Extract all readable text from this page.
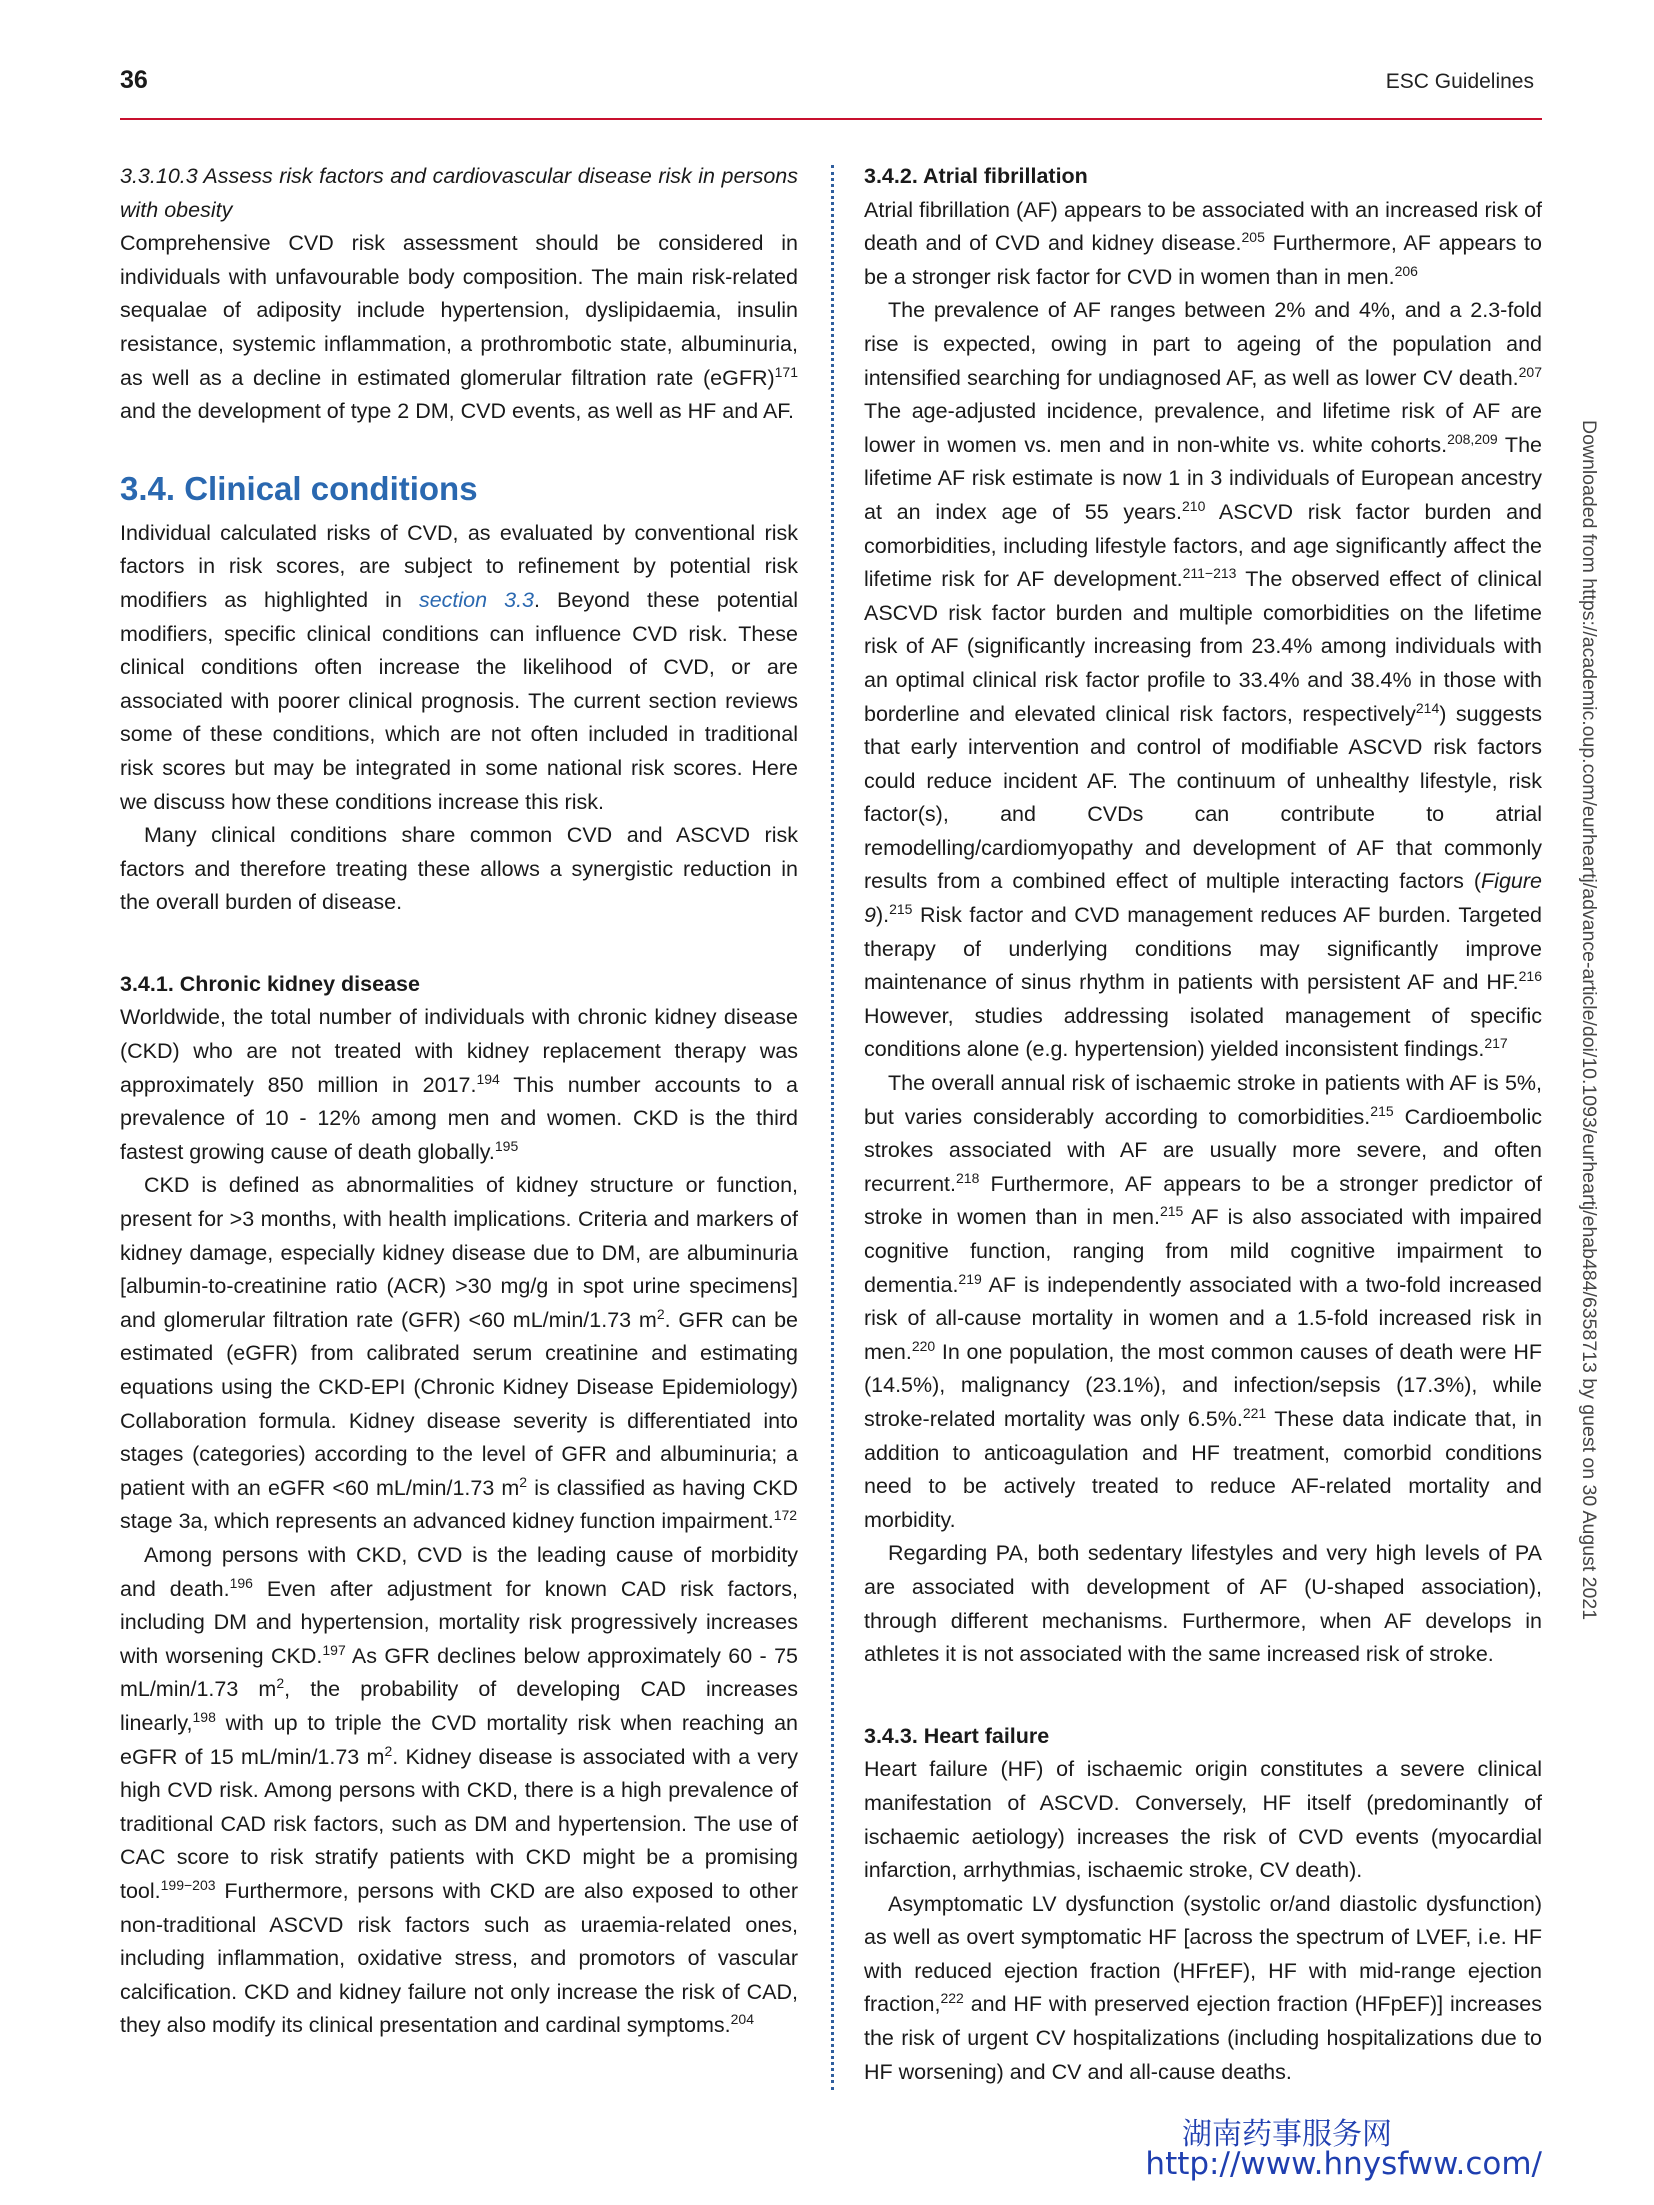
36	ESC Guidelines

3.3.10.3 Assess risk factors and cardiovascular disease risk in persons with obesity

Comprehensive CVD risk assessment should be considered in individuals with unfavourable body composition. The main risk-related sequalae of adiposity include hypertension, dyslipidaemia, insulin resistance, systemic inflammation, a prothrombotic state, albuminuria, as well as a decline in estimated glomerular filtration rate (eGFR)$^{171}$ and the development of type 2 DM, CVD events, as well as HF and AF.

3.4. Clinical conditions

Individual calculated risks of CVD, as evaluated by conventional risk factors in risk scores, are subject to refinement by potential risk modifiers as highlighted in section 3.3. Beyond these potential modifiers, specific clinical conditions can influence CVD risk. These clinical conditions often increase the likelihood of CVD, or are associated with poorer clinical prognosis. The current section reviews some of these conditions, which are not often included in traditional risk scores but may be integrated in some national risk scores. Here we discuss how these conditions increase this risk.

Many clinical conditions share common CVD and ASCVD risk factors and therefore treating these allows a synergistic reduction in the overall burden of disease.

3.4.1. Chronic kidney disease

Worldwide, the total number of individuals with chronic kidney disease (CKD) who are not treated with kidney replacement therapy was approximately 850 million in 2017.$^{194}$ This number accounts to a prevalence of 10 - 12% among men and women. CKD is the third fastest growing cause of death globally.$^{195}$

CKD is defined as abnormalities of kidney structure or function, present for >3 months, with health implications. Criteria and markers of kidney damage, especially kidney disease due to DM, are albuminuria [albumin-to-creatinine ratio (ACR) >30 mg/g in spot urine specimens] and glomerular filtration rate (GFR) <60 mL/min/1.73 $m^2$. GFR can be estimated (eGFR) from calibrated serum creatinine and estimating equations using the CKD-EPI (Chronic Kidney Disease Epidemiology) Collaboration formula. Kidney disease severity is differentiated into stages (categories) according to the level of GFR and albuminuria; a patient with an eGFR <60 mL/min/1.73 $m^2$ is classified as having CKD stage 3a, which represents an advanced kidney function impairment.$^{172}$

Among persons with CKD, CVD is the leading cause of morbidity and death.$^{196}$ Even after adjustment for known CAD risk factors, including DM and hypertension, mortality risk progressively increases with worsening CKD.$^{197}$ As GFR declines below approximately 60 - 75 mL/min/1.73 $m^2$, the probability of developing CAD increases linearly,$^{198}$ with up to triple the CVD mortality risk when reaching an eGFR of 15 mL/min/1.73 $m^2$. Kidney disease is associated with a very high CVD risk. Among persons with CKD, there is a high prevalence of traditional CAD risk factors, such as DM and hypertension. The use of CAC score to risk stratify patients with CKD might be a promising tool.$^{199-203}$ Furthermore, persons with CKD are also exposed to other non-traditional ASCVD risk factors such as uraemia-related ones, including inflammation, oxidative stress, and promotors of vascular calcification. CKD and kidney failure not only increase the risk of CAD, they also modify its clinical presentation and cardinal symptoms.$^{204}$

3.4.2. Atrial fibrillation

Atrial fibrillation (AF) appears to be associated with an increased risk of death and of CVD and kidney disease.$^{205}$ Furthermore, AF appears to be a stronger risk factor for CVD in women than in men.$^{206}$

The prevalence of AF ranges between 2% and 4%, and a 2.3-fold rise is expected, owing in part to ageing of the population and intensified searching for undiagnosed AF, as well as lower CV death.$^{207}$ The age-adjusted incidence, prevalence, and lifetime risk of AF are lower in women vs. men and in non-white vs. white cohorts.$^{208,209}$ The lifetime AF risk estimate is now 1 in 3 individuals of European ancestry at an index age of 55 years.$^{210}$ ASCVD risk factor burden and comorbidities, including lifestyle factors, and age significantly affect the lifetime risk for AF development.$^{211-213}$ The observed effect of clinical ASCVD risk factor burden and multiple comorbidities on the lifetime risk of AF (significantly increasing from 23.4% among individuals with an optimal clinical risk factor profile to 33.4% and 38.4% in those with borderline and elevated clinical risk factors, respectively$^{214}$) suggests that early intervention and control of modifiable ASCVD risk factors could reduce incident AF. The continuum of unhealthy lifestyle, risk factor(s), and CVDs can contribute to atrial remodelling/cardiomyopathy and development of AF that commonly results from a combined effect of multiple interacting factors (Figure 9).$^{215}$ Risk factor and CVD management reduces AF burden. Targeted therapy of underlying conditions may significantly improve maintenance of sinus rhythm in patients with persistent AF and HF.$^{216}$ However, studies addressing isolated management of specific conditions alone (e.g. hypertension) yielded inconsistent findings.$^{217}$

The overall annual risk of ischaemic stroke in patients with AF is 5%, but varies considerably according to comorbidities.$^{215}$ Cardioembolic strokes associated with AF are usually more severe, and often recurrent.$^{218}$ Furthermore, AF appears to be a stronger predictor of stroke in women than in men.$^{215}$ AF is also associated with impaired cognitive function, ranging from mild cognitive impairment to dementia.$^{219}$ AF is independently associated with a two-fold increased risk of all-cause mortality in women and a 1.5-fold increased risk in men.$^{220}$ In one population, the most common causes of death were HF (14.5%), malignancy (23.1%), and infection/sepsis (17.3%), while stroke-related mortality was only 6.5%.$^{221}$ These data indicate that, in addition to anticoagulation and HF treatment, comorbid conditions need to be actively treated to reduce AF-related mortality and morbidity.

Regarding PA, both sedentary lifestyles and very high levels of PA are associated with development of AF (U-shaped association), through different mechanisms. Furthermore, when AF develops in athletes it is not associated with the same increased risk of stroke.

3.4.3. Heart failure

Heart failure (HF) of ischaemic origin constitutes a severe clinical manifestation of ASCVD. Conversely, HF itself (predominantly of ischaemic aetiology) increases the risk of CVD events (myocardial infarction, arrhythmias, ischaemic stroke, CV death).

Asymptomatic LV dysfunction (systolic or/and diastolic dysfunction) as well as overt symptomatic HF [across the spectrum of LVEF, i.e. HF with reduced ejection fraction (HFrEF), HF with mid-range ejection fraction,$^{222}$ and HF with preserved ejection fraction (HFpEF)] increases the risk of urgent CV hospitalizations (including hospitalizations due to HF worsening) and CV and all-cause deaths.

Downloaded from https://academic.oup.com/eurheartj/advance-article/doi/10.1093/eurheartj/ehab484/6358713 by guest on 30 August 2021
湖南药事服务网
http://www.hnysfww.com/
